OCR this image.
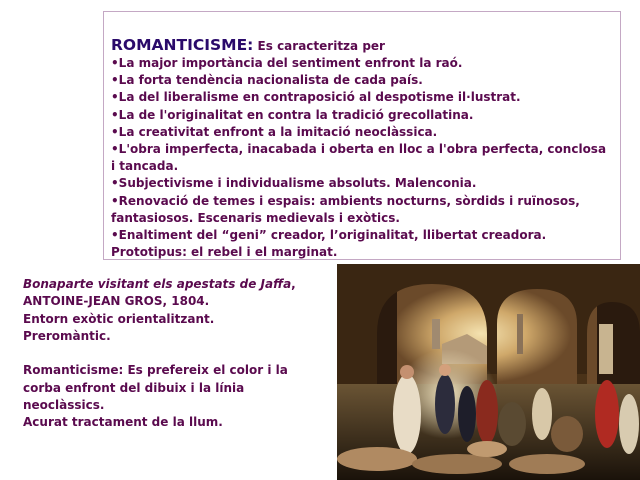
ROMANTICISME: Es caracteritza per
•La major importància del sentiment enfront la raó.
•La forta tendència nacionalista de cada país.
•La del liberalisme en contraposició al despotisme il·lustrat.
•La de l'originalitat en contra la tradició grecollatina.
•La creativitat enfront a la imitació neoclàssica.
•L'obra imperfecta, inacabada i oberta en lloc a l'obra perfecta, conclosa i tancada.
•Subjectivisme i individualisme absoluts. Malenconia.
•Renovació de temes i espais: ambients nocturns, sòrdids i ruïnosos, fantasiosos. Escenaris medievals i exòtics.
•Enaltiment del “geni” creador, l’originalitat, llibertat creadora. Prototipus: el rebel i el marginat.
Bonaparte visitant els apestats de Jaffa, ANTOINE-JEAN GROS, 1804.
Entorn exòtic orientalitzant.
Preromàntic.
Romanticisme: Es prefereix el color i la corba enfront del dibuix i la línia neoclàssics.
Acurat tractament de la llum.
